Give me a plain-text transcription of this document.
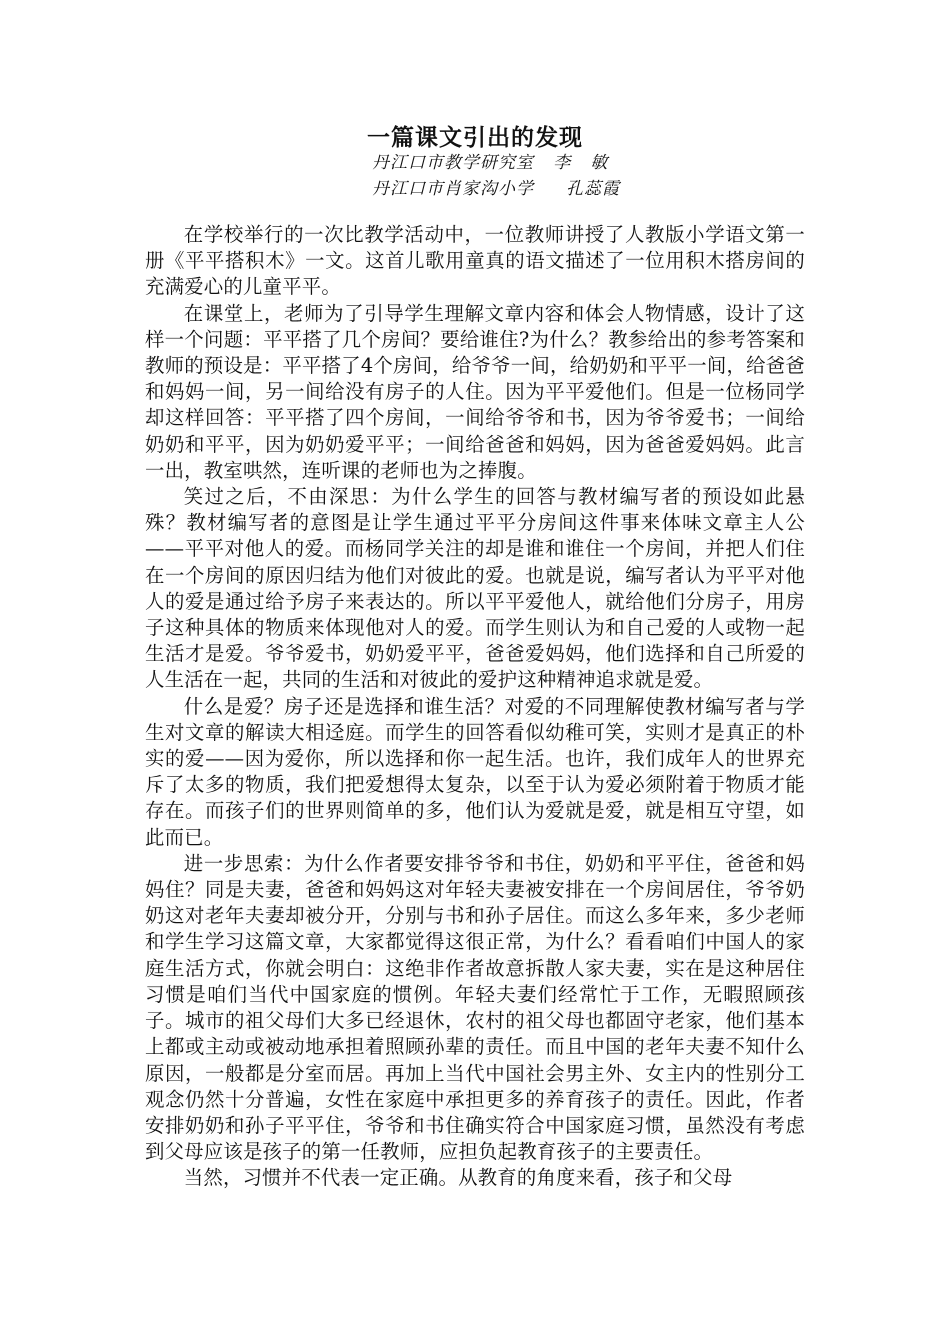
一篇课文引出的发现
丹江口市教学研究室   李   敏
丹江口市肖家沟小学     孔蕊霞

在学校举行的一次比教学活动中，一位教师讲授了人教版小学语文第一册《平平搭积木》一文。这首儿歌用童真的语文描述了一位用积木搭房间的充满爱心的儿童平平。

在课堂上，老师为了引导学生理解文章内容和体会人物情感，设计了这样一个问题：平平搭了几个房间？要给谁住?为什么？教参给出的参考答案和教师的预设是：平平搭了4个房间，给爷爷一间，给奶奶和平平一间，给爸爸和妈妈一间，另一间给没有房子的人住。因为平平爱他们。但是一位杨同学却这样回答：平平搭了四个房间，一间给爷爷和书，因为爷爷爱书；一间给奶奶和平平，因为奶奶爱平平；一间给爸爸和妈妈，因为爸爸爱妈妈。此言一出，教室哄然，连听课的老师也为之捧腹。

笑过之后，不由深思：为什么学生的回答与教材编写者的预设如此悬殊？教材编写者的意图是让学生通过平平分房间这件事来体味文章主人公——平平对他人的爱。而杨同学关注的却是谁和谁住一个房间，并把人们住在一个房间的原因归结为他们对彼此的爱。也就是说，编写者认为平平对他人的爱是通过给予房子来表达的。所以平平爱他人，就给他们分房子，用房子这种具体的物质来体现他对人的爱。而学生则认为和自己爱的人或物一起生活才是爱。爷爷爱书，奶奶爱平平，爸爸爱妈妈，他们选择和自己所爱的人生活在一起，共同的生活和对彼此的爱护这种精神追求就是爱。

什么是爱？房子还是选择和谁生活？对爱的不同理解使教材编写者与学生对文章的解读大相迳庭。而学生的回答看似幼稚可笑，实则才是真正的朴实的爱——因为爱你，所以选择和你一起生活。也许，我们成年人的世界充斥了太多的物质，我们把爱想得太复杂，以至于认为爱必须附着于物质才能存在。而孩子们的世界则简单的多，他们认为爱就是爱，就是相互守望，如此而已。

进一步思索：为什么作者要安排爷爷和书住，奶奶和平平住，爸爸和妈妈住？同是夫妻，爸爸和妈妈这对年轻夫妻被安排在一个房间居住，爷爷奶奶这对老年夫妻却被分开，分别与书和孙子居住。而这么多年来，多少老师和学生学习这篇文章，大家都觉得这很正常，为什么？看看咱们中国人的家庭生活方式，你就会明白：这绝非作者故意拆散人家夫妻，实在是这种居住习惯是咱们当代中国家庭的惯例。年轻夫妻们经常忙于工作，无暇照顾孩子。城市的祖父母们大多已经退休，农村的祖父母也都固守老家，他们基本上都或主动或被动地承担着照顾孙辈的责任。而且中国的老年夫妻不知什么原因，一般都是分室而居。再加上当代中国社会男主外、女主内的性别分工观念仍然十分普遍，女性在家庭中承担更多的养育孩子的责任。因此，作者安排奶奶和孙子平平住，爷爷和书住确实符合中国家庭习惯，虽然没有考虑到父母应该是孩子的第一任教师，应担负起教育孩子的主要责任。

当然，习惯并不代表一定正确。从教育的角度来看，孩子和父母
